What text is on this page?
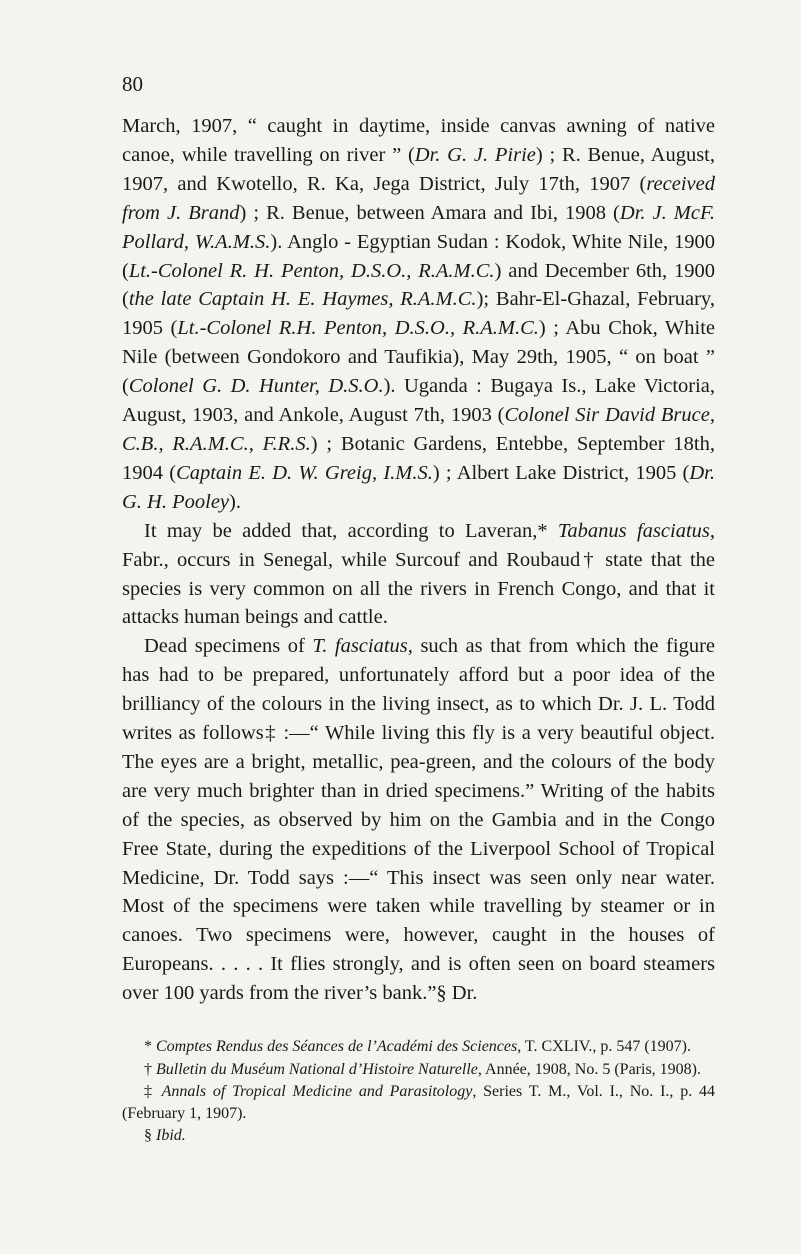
80

March, 1907, “ caught in daytime, inside canvas awning of native canoe, while travelling on river ” (Dr. G. J. Pirie) ; R. Benue, August, 1907, and Kwotello, R. Ka, Jega District, July 17th, 1907 (received from J. Brand) ; R. Benue, between Amara and Ibi, 1908 (Dr. J. McF. Pollard, W.A.M.S.). Anglo - Egyptian Sudan : Kodok, White Nile, 1900 (Lt.-Colonel R. H. Penton, D.S.O., R.A.M.C.) and December 6th, 1900 (the late Captain H. E. Haymes, R.A.M.C.); Bahr-El-Ghazal, February, 1905 (Lt.-Colonel R.H. Penton, D.S.O., R.A.M.C.) ; Abu Chok, White Nile (between Gondokoro and Taufikia), May 29th, 1905, “ on boat ” (Colonel G. D. Hunter, D.S.O.). Uganda : Bugaya Is., Lake Victoria, August, 1903, and Ankole, August 7th, 1903 (Colonel Sir David Bruce, C.B., R.A.M.C., F.R.S.) ; Botanic Gardens, Entebbe, September 18th, 1904 (Captain E. D. W. Greig, I.M.S.) ; Albert Lake District, 1905 (Dr. G. H. Pooley).

It may be added that, according to Laveran,* Tabanus fasciatus, Fabr., occurs in Senegal, while Surcouf and Roubaud† state that the species is very common on all the rivers in French Congo, and that it attacks human beings and cattle.

Dead specimens of T. fasciatus, such as that from which the figure has had to be prepared, unfortunately afford but a poor idea of the brilliancy of the colours in the living insect, as to which Dr. J. L. Todd writes as follows‡ :—“ While living this fly is a very beautiful object. The eyes are a bright, metallic, pea-green, and the colours of the body are very much brighter than in dried specimens.” Writing of the habits of the species, as observed by him on the Gambia and in the Congo Free State, during the expeditions of the Liverpool School of Tropical Medicine, Dr. Todd says :—“ This insect was seen only near water. Most of the specimens were taken while travelling by steamer or in canoes. Two specimens were, however, caught in the houses of Europeans. . . . . It flies strongly, and is often seen on board steamers over 100 yards from the river’s bank.”§ Dr.

* Comptes Rendus des Séances de l’Académi des Sciences, T. CXLIV., p. 547 (1907).

† Bulletin du Muséum National d’Histoire Naturelle, Année, 1908, No. 5 (Paris, 1908).

‡ Annals of Tropical Medicine and Parasitology, Series T. M., Vol. I., No. I., p. 44 (February 1, 1907).

§ Ibid.
